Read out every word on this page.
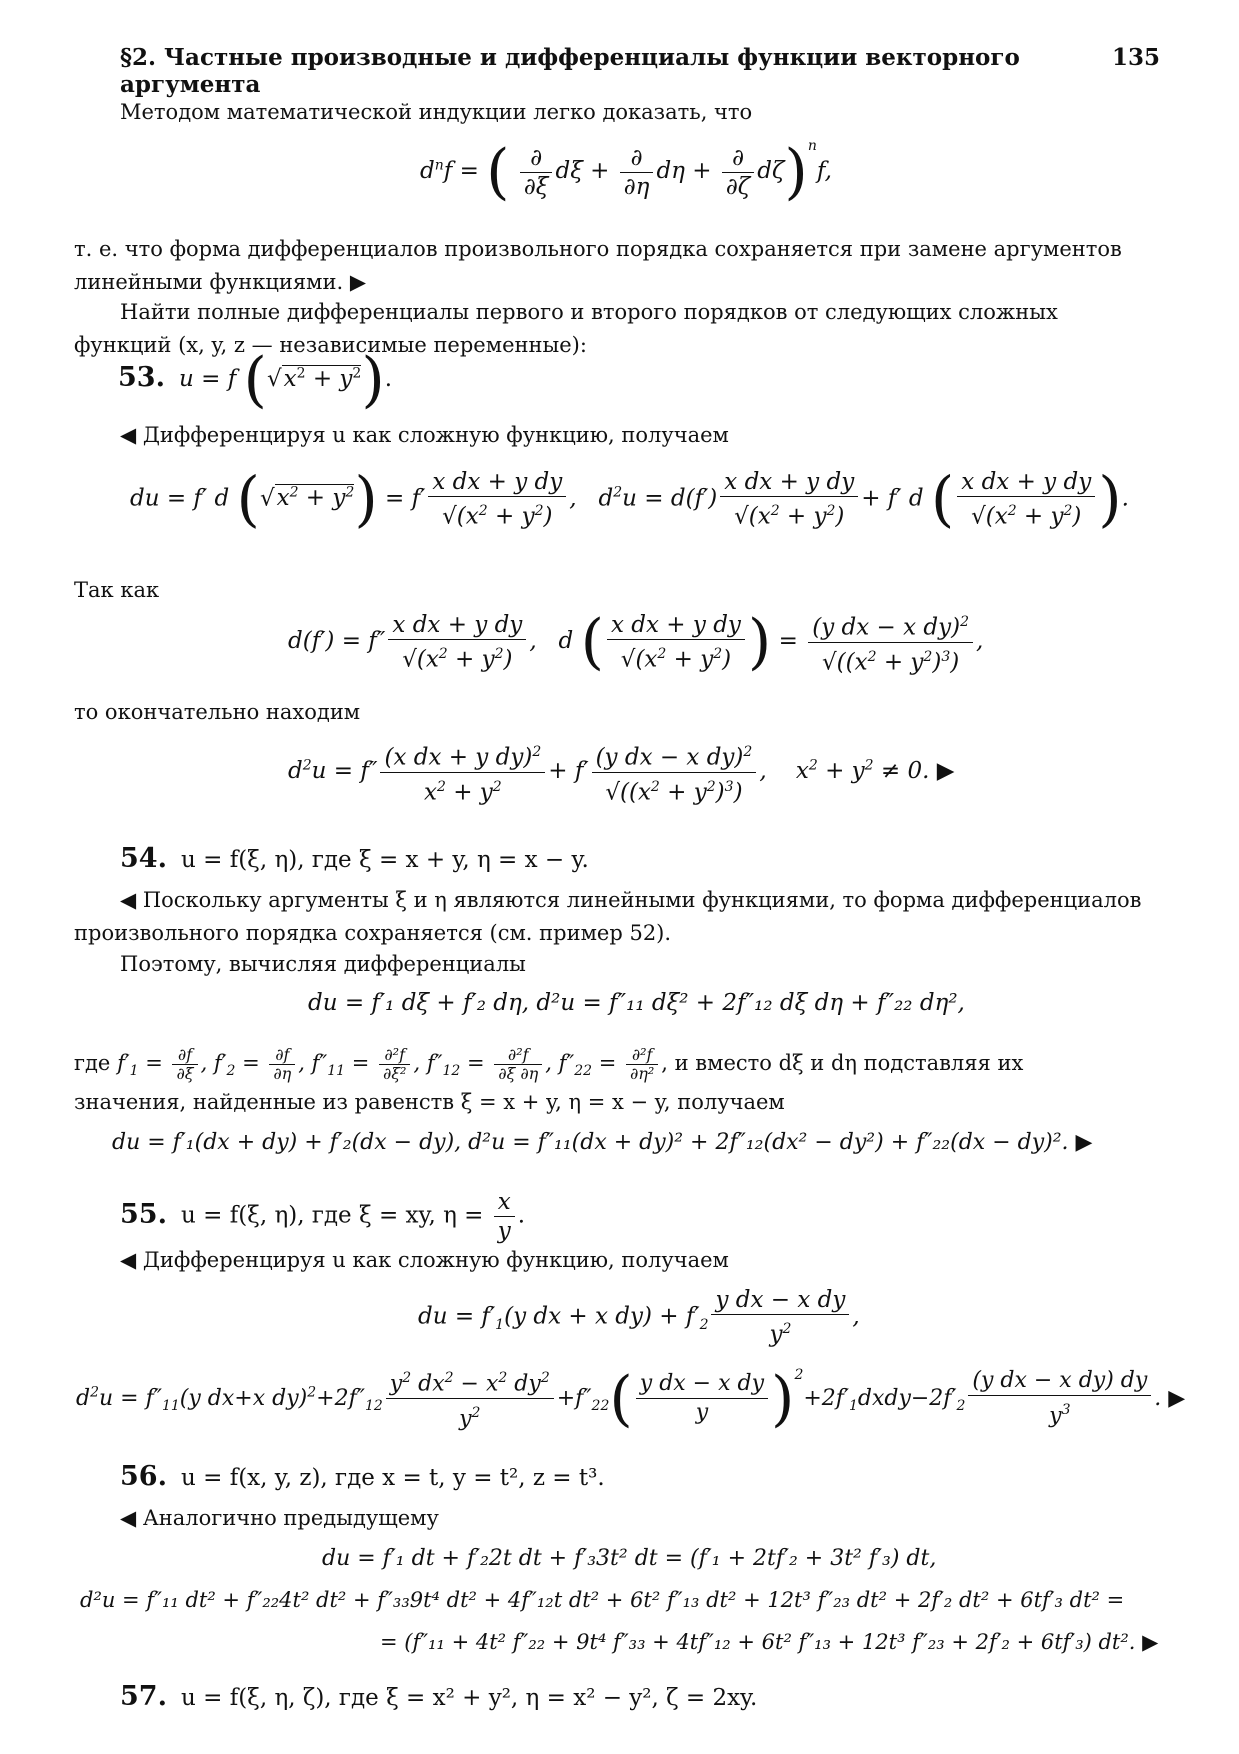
§2. Частные производные и дифференциалы функции векторного аргумента
135
Методом математической индукции легко доказать, что
$d^nf$ = ( $\frac{\partial}{\partial\xi}$ $d\xi + \frac{\partial}{\partial\eta}$ $d\eta + \frac{\partial}{\partial\zeta} d\zeta)^nf$,
т. е. что форма дифференциалов произвольного порядка сохраняется при замене аргументов линейными функциями. ▶
Найти полные дифференциалы первого и второго порядков от следующих сложных функций (x, y, z — независимые переменные):
53. u = f $(√x^2 + y^2)$.
◀ Дифференцируя u как сложную функцию, получаем
du = f′ d $(√x^2 + y^2) = f' \frac{\text{x dx + y dy}}{√(x^2 + y^2)}$ ,   $d^2u = d(f') \frac{\text{x dx + y dy}}{√(x^2 + y^2)} + f'$ d ( $\frac{\text{x dx + y dy}}{√(x^2 + y^2)}$ ).
Так как
$d(f') = f'' \frac{\text{x dx + y dy}}{√(x^2 + y^2)}$ ,   d ( $\frac{\text{x dx + y dy}}{√(x^2 + y^2)}$ ) = $\frac{(y dx - x dy)^2}{√((x^2 + y^2)^3)}$ ,
то окончательно находим
$d^2u = f'' \frac{(x dx + y dy)^2}{x^2 + y^2} + f' \frac{(y dx - x dy)^2}{√((x^2 + y^2)^3)}$ ,    $x^2 + y^2 \ne 0$. ▶
54. u = f(ξ, η), где ξ = x + y, η = x − y.
◀ Поскольку аргументы ξ и η являются линейными функциями, то форма дифференциалов произвольного порядка сохраняется (см. пример 52).
Поэтому, вычисляя дифференциалы
du = f′₁ dξ + f′₂ dη, d²u = f″₁₁ dξ² + 2f″₁₂ dξ dη + f″₂₂ dη²,
где $f'_1 = \frac{\partial f}{\partial\xi}$ , $f'_2 = \frac{\partial f}{\partial\eta}$ , $f''_{11} = \frac{\text{∂²f}}{\text{∂ξ²}}$ , $f''_{12} = \frac{\text{∂²f}}{\partial\xi \partial\eta}$ , $f''_{22} = \frac{\text{∂²f}}{\text{∂η²}}$ , и вместо dξ и dη подставляя их
значения, найденные из равенств ξ = x + y, η = x − y, получаем
du = f′₁(dx + dy) + f′₂(dx − dy), d²u = f″₁₁(dx + dy)² + 2f″₁₂(dx² − dy²) + f″₂₂(dx − dy)². ▶
55. u = f(ξ, η), где ξ = xy, $\eta = \frac{x}{y}$ .
◀ Дифференцируя u как сложную функцию, получаем
du = $f'_1(y$ dx + x $dy) + f'_2 \frac{\text{y dx − x dy}}{y^2}$ ,
$d^2u = f''_{11}(y$ dx+x $dy)^2+2f''_{12} \frac{y^2 dx^2 - x^2 dy^2}{y^2} +f''_{22}( \frac{\text{y dx − x dy}}{y}$ )$^2+2f'_1dxdy-2f'_2 \frac{\text{(y dx − x dy) dy}}{y^3}$ . ▶
56. u = f(x, y, z), где x = t, y = t², z = t³.
◀ Аналогично предыдущему
du = f′₁ dt + f′₂2t dt + f′₃3t² dt = (f′₁ + 2tf′₂ + 3t² f′₃) dt,
d²u = f″₁₁ dt² + f″₂₂4t² dt² + f″₃₃9t⁴ dt² + 4f″₁₂t dt² + 6t² f″₁₃ dt² + 12t³ f″₂₃ dt² + 2f′₂ dt² + 6tf′₃ dt² =
= (f″₁₁ + 4t² f″₂₂ + 9t⁴ f″₃₃ + 4tf″₁₂ + 6t² f″₁₃ + 12t³ f″₂₃ + 2f′₂ + 6tf′₃) dt². ▶
57. u = f(ξ, η, ζ), где ξ = x² + y², η = x² − y², ζ = 2xy.
